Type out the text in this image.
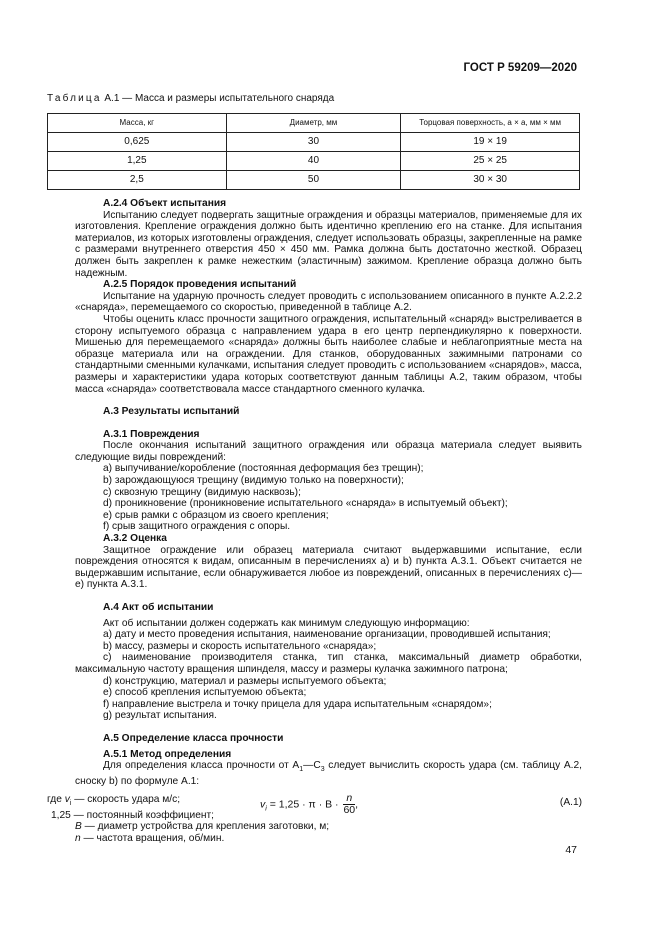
ГОСТ Р 59209—2020
Таблица А.1 — Масса и размеры испытательного снаряда
Масса, кг	Диаметр, мм	Торцовая поверхность, a × a, мм × мм
0,625	30	19 × 19
1,25	40	25 × 25
2,5	50	30 × 30

А.2.4 Объект испытания

Испытанию следует подвергать защитные ограждения и образцы материалов, применяемые для их изготовления. Крепление ограждения должно быть идентично креплению его на станке. Для испытания материалов, из которых изготовлены ограждения, следует использовать образцы, закрепленные на рамке с размерами внутреннего отверстия 450 × 450 мм. Рамка должна быть достаточно жесткой. Образец должен быть закреплен к рамке нежестким (эластичным) зажимом. Крепление образца должно быть надежным.

А.2.5 Порядок проведения испытаний

Испытание на ударную прочность следует проводить с использованием описанного в пункте А.2.2.2 «снаряда», перемещаемого со скоростью, приведенной в таблице А.2.

Чтобы оценить класс прочности защитного ограждения, испытательный «снаряд» выстреливается в сторону испытуемого образца с направлением удара в его центр перпендикулярно к поверхности. Мишенью для перемещаемого «снаряда» должны быть наиболее слабые и неблагоприятные места на образце материала или на ограждении. Для станков, оборудованных зажимными патронами со стандартными сменными кулачками, испытания следует проводить с использованием «снарядов», масса, размеры и характеристики удара которых соответствуют данным таблицы А.2, таким образом, чтобы масса «снаряда» соответствовала массе стандартного сменного кулачка.

А.3 Результаты испытаний

А.3.1 Повреждения

После окончания испытаний защитного ограждения или образца материала следует выявить следующие виды повреждений:

a) выпучивание/коробление (постоянная деформация без трещин);

b) зарождающуюся трещину (видимую только на поверхности);

c) сквозную трещину (видимую насквозь);

d) проникновение (проникновение испытательного «снаряда» в испытуемый объект);

e) срыв рамки с образцом из своего крепления;

f) срыв защитного ограждения с опоры.

А.3.2 Оценка

Защитное ограждение или образец материала считают выдержавшими испытание, если повреждения относятся к видам, описанным в перечислениях a) и b) пункта А.3.1. Объект считается не выдержавшим испытание, если обнаруживается любое из повреждений, описанных в перечислениях c)—e) пункта А.3.1.

А.4 Акт об испытании

Акт об испытании должен содержать как минимум следующую информацию:

a) дату и место проведения испытания, наименование организации, проводившей испытания;

b) массу, размеры и скорость испытательного «снаряда»;

c) наименование производителя станка, тип станка, максимальный диаметр обработки, максимальную частоту вращения шпинделя, массу и размеры кулачка зажимного патрона;

d) конструкцию, материал и размеры испытуемого объекта;

e) способ крепления испытуемою объекта;

f) направление выстрела и точку прицела для удара испытательным «снарядом»;

g) результат испытания.

А.5 Определение класса прочности

А.5.1 Метод определения

Для определения класса прочности от $А_1—С_3$ следует вычислить скорость удара (см. таблицу А.2, сноску b) по формуле А.1:

$v_i = 1,25 \cdot \pi \cdot B \cdot \frac{n}{60}$ ,	(А.1)

где $v_i$ — скорость удара м/с;

1,25 — постоянный коэффициент;

B — диаметр устройства для крепления заготовки, м;

n — частота вращения, об/мин.

47
